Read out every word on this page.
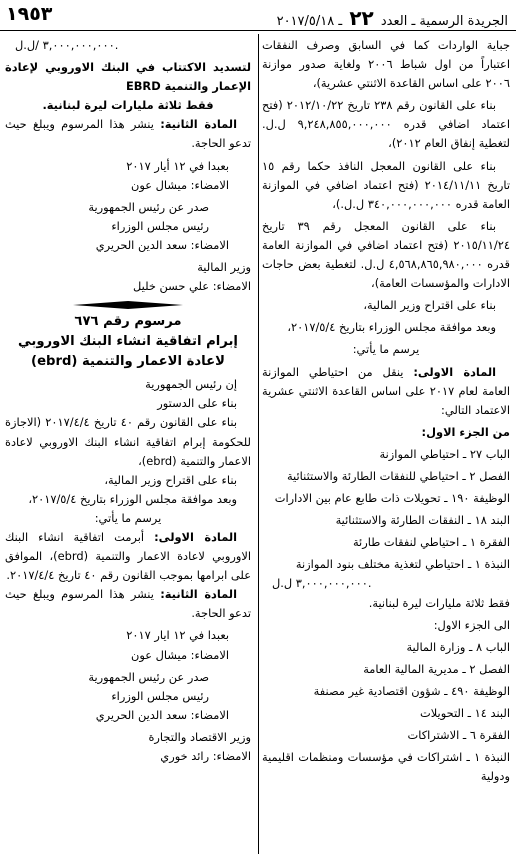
الجريدة الرسمية ـ العدد ٢٢ ـ ٢٠١٧/٥/١٨
١٩٥٣

جباية الواردات كما في السابق وصرف النفقات اعتباراً من اول شباط ٢٠٠٦ ولغاية صدور موازنة ٢٠٠٦ على اساس القاعدة الاثنتي عشرية)،

بناء على القانون رقم ٢٣٨ تاريخ ٢٠١٢/١٠/٢٢ (فتح اعتماد اضافي قدره ٩,٢٤٨,٨٥٥,٠٠٠,٠٠٠ ل.ل. لتغطية إنفاق العام ٢٠١٢)،

بناء على القانون المعجل النافذ حكما رقم ١٥ تاريخ ٢٠١٤/١١/١١ (فتح اعتماد اضافي في الموازنة العامة قدره ٣٤٠,٠٠٠,٠٠٠,٠٠٠ ل.ل.)،

بناء على القانون المعجل رقم ٣٩ تاريخ ٢٠١٥/١١/٢٤ (فتح اعتماد اضافي في الموازنة العامة قدره ٤,٥٦٨,٨٦٥,٩٨٠,٠٠٠ ل.ل. لتغطية بعض حاجات الادارات والمؤسسات العامة)،

بناء على اقتراح وزير المالية،

وبعد موافقة مجلس الوزراء بتاريخ ٢٠١٧/٥/٤،

يرسم ما يأتي:

المادة الاولى: ينقل من احتياطي الموازنة العامة لعام ٢٠١٧ على اساس القاعدة الاثنتي عشرية الاعتماد التالي:

من الجزء الاول:

الباب ٢٧ ـ احتياطي الموازنة

الفصل ٢ ـ احتياطي للنفقات الطارئة والاستثنائية

الوظيفة ١٩٠ ـ تحويلات ذات طابع عام بين الادارات

البند ١٨ ـ النفقات الطارئة والاستثنائية

الفقرة ١ ـ احتياطي لنفقات طارئة

النبذة ١ ـ احتياطي لتغذية مختلف بنود الموازنة

٣,٠٠٠,٠٠٠,٠٠٠ ل.ل.

فقط ثلاثة مليارات ليرة لبنانية.

الى الجزء الاول:

الباب ٨ ـ وزارة المالية

الفصل ٢ ـ مديرية المالية العامة

الوظيفة ٤٩٠ ـ شؤون اقتصادية غير مصنفة

البند ١٤ ـ التحويلات

الفقرة ٦ ـ الاشتراكات

النبذة ١ ـ اشتراكات في مؤسسات ومنظمات اقليمية ودولية

٣,٠٠٠,٠٠٠,٠٠٠ /ل.ل.

لتسديد الاكتتاب في البنك الاوروبي لإعادة الإعمار والتنمية EBRD

فقط ثلاثة مليارات ليرة لبنانية.

المادة الثانية: ينشر هذا المرسوم ويبلغ حيث تدعو الحاجة.

بعبدا في ١٢ أيار ٢٠١٧

الامضاء: ميشال عون

صدر عن رئيس الجمهورية

رئيس مجلس الوزراء

الامضاء: سعد الدين الحريري

وزير المالية

الامضاء: علي حسن خليل

مرسوم رقم ٦٧٦

إبرام اتفاقية انشاء البنك الاوروبي

لاعادة الاعمار والتنمية (ebrd)

إن رئيس الجمهورية

بناء على الدستور

بناء على القانون رقم ٤٠ تاريخ ٢٠١٧/٤/٤ (الاجازة للحكومة إبرام اتفاقية انشاء البنك الاوروبي لاعادة الاعمار والتنمية (ebrd)،

بناء على اقتراح وزير المالية،

وبعد موافقة مجلس الوزراء بتاريخ ٢٠١٧/٥/٤،

يرسم ما يأتي:

المادة الاولى: أبرمت اتفاقية انشاء البنك الاوروبي لاعادة الاعمار والتنمية (ebrd)، الموافق على ابرامها بموجب القانون رقم ٤٠ تاريخ ٢٠١٧/٤/٤.

المادة الثانية: ينشر هذا المرسوم ويبلغ حيث تدعو الحاجة.

بعبدا في ١٢ ايار ٢٠١٧

الامضاء: ميشال عون

صدر عن رئيس الجمهورية

رئيس مجلس الوزراء

الامضاء: سعد الدين الحريري

وزير الاقتصاد والتجارة

الامضاء: رائد خوري
